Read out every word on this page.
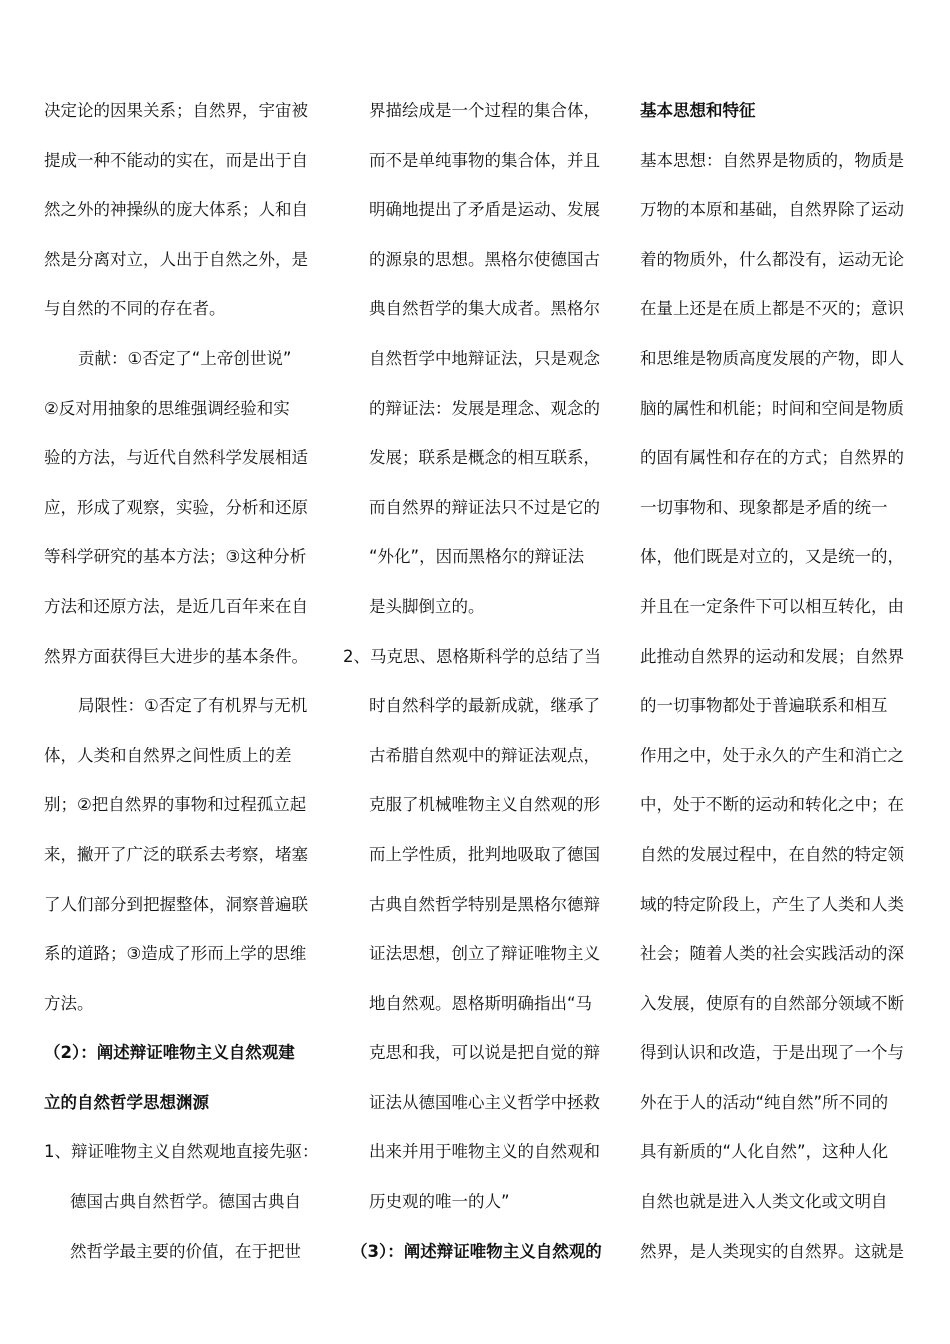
决定论的因果关系；自然界，宇宙被
提成一种不能动的实在，而是出于自
然之外的神操纵的庞大体系；人和自
然是分离对立，人出于自然之外，是
与自然的不同的存在者。
贡献：①否定了“上帝创世说”
②反对用抽象的思维强调经验和实
验的方法，与近代自然科学发展相适
应，形成了观察，实验，分析和还原
等科学研究的基本方法；③这种分析
方法和还原方法，是近几百年来在自
然界方面获得巨大进步的基本条件。
局限性：①否定了有机界与无机
体，人类和自然界之间性质上的差
别；②把自然界的事物和过程孤立起
来，撇开了广泛的联系去考察，堵塞
了人们部分到把握整体，洞察普遍联
系的道路；③造成了形而上学的思维
方法。
（2）：阐述辩证唯物主义自然观建
立的自然哲学思想渊源
1、辩证唯物主义自然观地直接先驱：
德国古典自然哲学。德国古典自
然哲学最主要的价值，在于把世
界描绘成是一个过程的集合体，
而不是单纯事物的集合体，并且
明确地提出了矛盾是运动、发展
的源泉的思想。黑格尔使德国古
典自然哲学的集大成者。黑格尔
自然哲学中地辩证法，只是观念
的辩证法：发展是理念、观念的
发展；联系是概念的相互联系，
而自然界的辩证法只不过是它的
“外化”，因而黑格尔的辩证法
是头脚倒立的。
2、马克思、恩格斯科学的总结了当
时自然科学的最新成就，继承了
古希腊自然观中的辩证法观点，
克服了机械唯物主义自然观的形
而上学性质，批判地吸取了德国
古典自然哲学特别是黑格尔德辩
证法思想，创立了辩证唯物主义
地自然观。恩格斯明确指出“马
克思和我，可以说是把自觉的辩
证法从德国唯心主义哲学中拯救
出来并用于唯物主义的自然观和
历史观的唯一的人”
（3）：阐述辩证唯物主义自然观的
基本思想和特征
基本思想：自然界是物质的，物质是
万物的本原和基础，自然界除了运动
着的物质外，什么都没有，运动无论
在量上还是在质上都是不灭的；意识
和思维是物质高度发展的产物，即人
脑的属性和机能；时间和空间是物质
的固有属性和存在的方式；自然界的
一切事物和、现象都是矛盾的统一
体，他们既是对立的，又是统一的，
并且在一定条件下可以相互转化，由
此推动自然界的运动和发展；自然界
的一切事物都处于普遍联系和相互
作用之中，处于永久的产生和消亡之
中，处于不断的运动和转化之中；在
自然的发展过程中，在自然的特定领
域的特定阶段上，产生了人类和人类
社会；随着人类的社会实践活动的深
入发展，使原有的自然部分领域不断
得到认识和改造，于是出现了一个与
外在于人的活动“纯自然”所不同的
具有新质的“人化自然”，这种人化
自然也就是进入人类文化或文明自
然界，是人类现实的自然界。这就是
